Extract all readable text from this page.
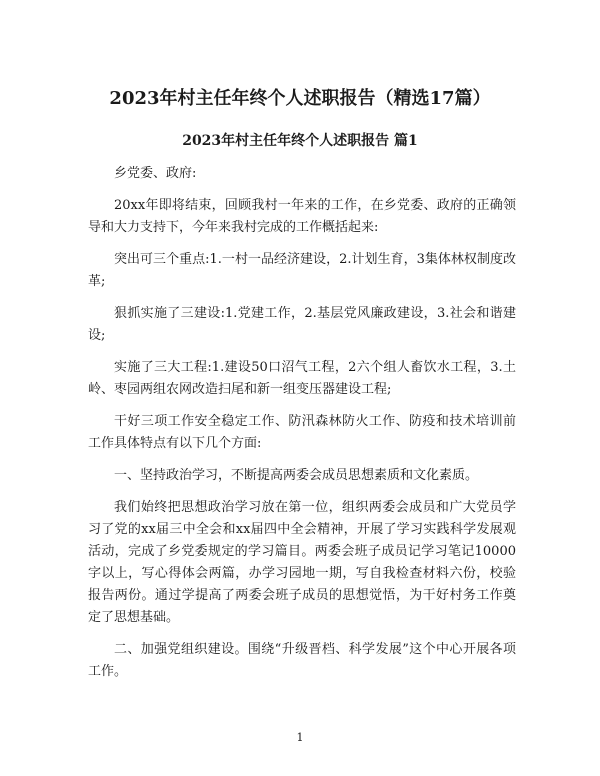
2023年村主任年终个人述职报告（精选17篇）
2023年村主任年终个人述职报告 篇1

乡党委、政府:

20xx年即将结束，回顾我村一年来的工作，在乡党委、政府的正确领导和大力支持下，今年来我村完成的工作概括起来:

突出可三个重点:1.一村一品经济建设，2.计划生育，3集体林权制度改革;

狠抓实施了三建设:1.党建工作，2.基层党风廉政建设，3.社会和谐建设;

实施了三大工程:1.建设50口沼气工程，2六个组人畜饮水工程，3.土岭、枣园两组农网改造扫尾和新一组变压器建设工程;

干好三项工作安全稳定工作、防汛森林防火工作、防疫和技术培训前工作具体特点有以下几个方面:

一、坚持政治学习，不断提高两委会成员思想素质和文化素质。

我们始终把思想政治学习放在第一位，组织两委会成员和广大党员学习了党的xx届三中全会和xx届四中全会精神，开展了学习实践科学发展观活动，完成了乡党委规定的学习篇目。两委会班子成员记学习笔记10000字以上，写心得体会两篇，办学习园地一期，写自我检查材料六份，校验报告两份。通过学提高了两委会班子成员的思想觉悟，为干好村务工作奠定了思想基础。

二、加强党组织建设。围绕“升级晋档、科学发展”这个中心开展各项工作。

1
